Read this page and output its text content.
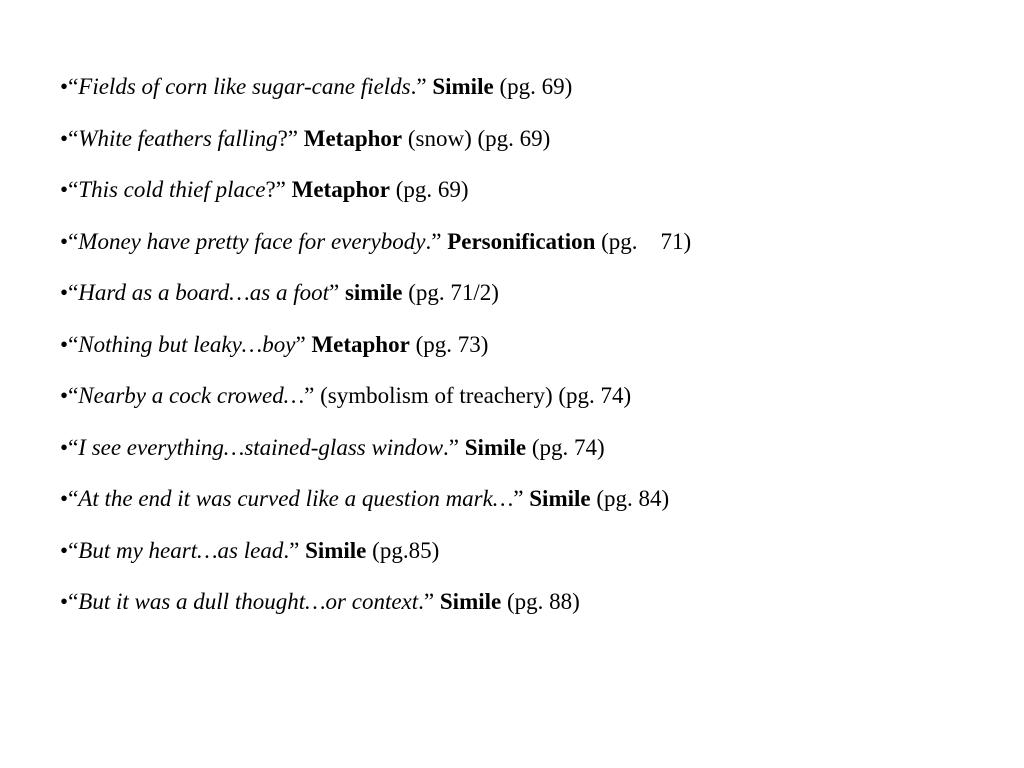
•“Fields of corn like sugar-cane fields.” Simile (pg. 69)
•“White feathers falling?” Metaphor (snow) (pg. 69)
•“This cold thief place?” Metaphor (pg. 69)
•“Money have pretty face for everybody.” Personification (pg.    71)
•“Hard as a board…as a foot” simile (pg. 71/2)
•“Nothing but leaky…boy” Metaphor (pg. 73)
•“Nearby a cock crowed…” (symbolism of treachery) (pg. 74)
•“I see everything…stained-glass window.” Simile (pg. 74)
•“At the end it was curved like a question mark…” Simile (pg. 84)
•“But my heart…as lead.” Simile (pg.85)
•“But it was a dull thought…or context.” Simile (pg. 88)
